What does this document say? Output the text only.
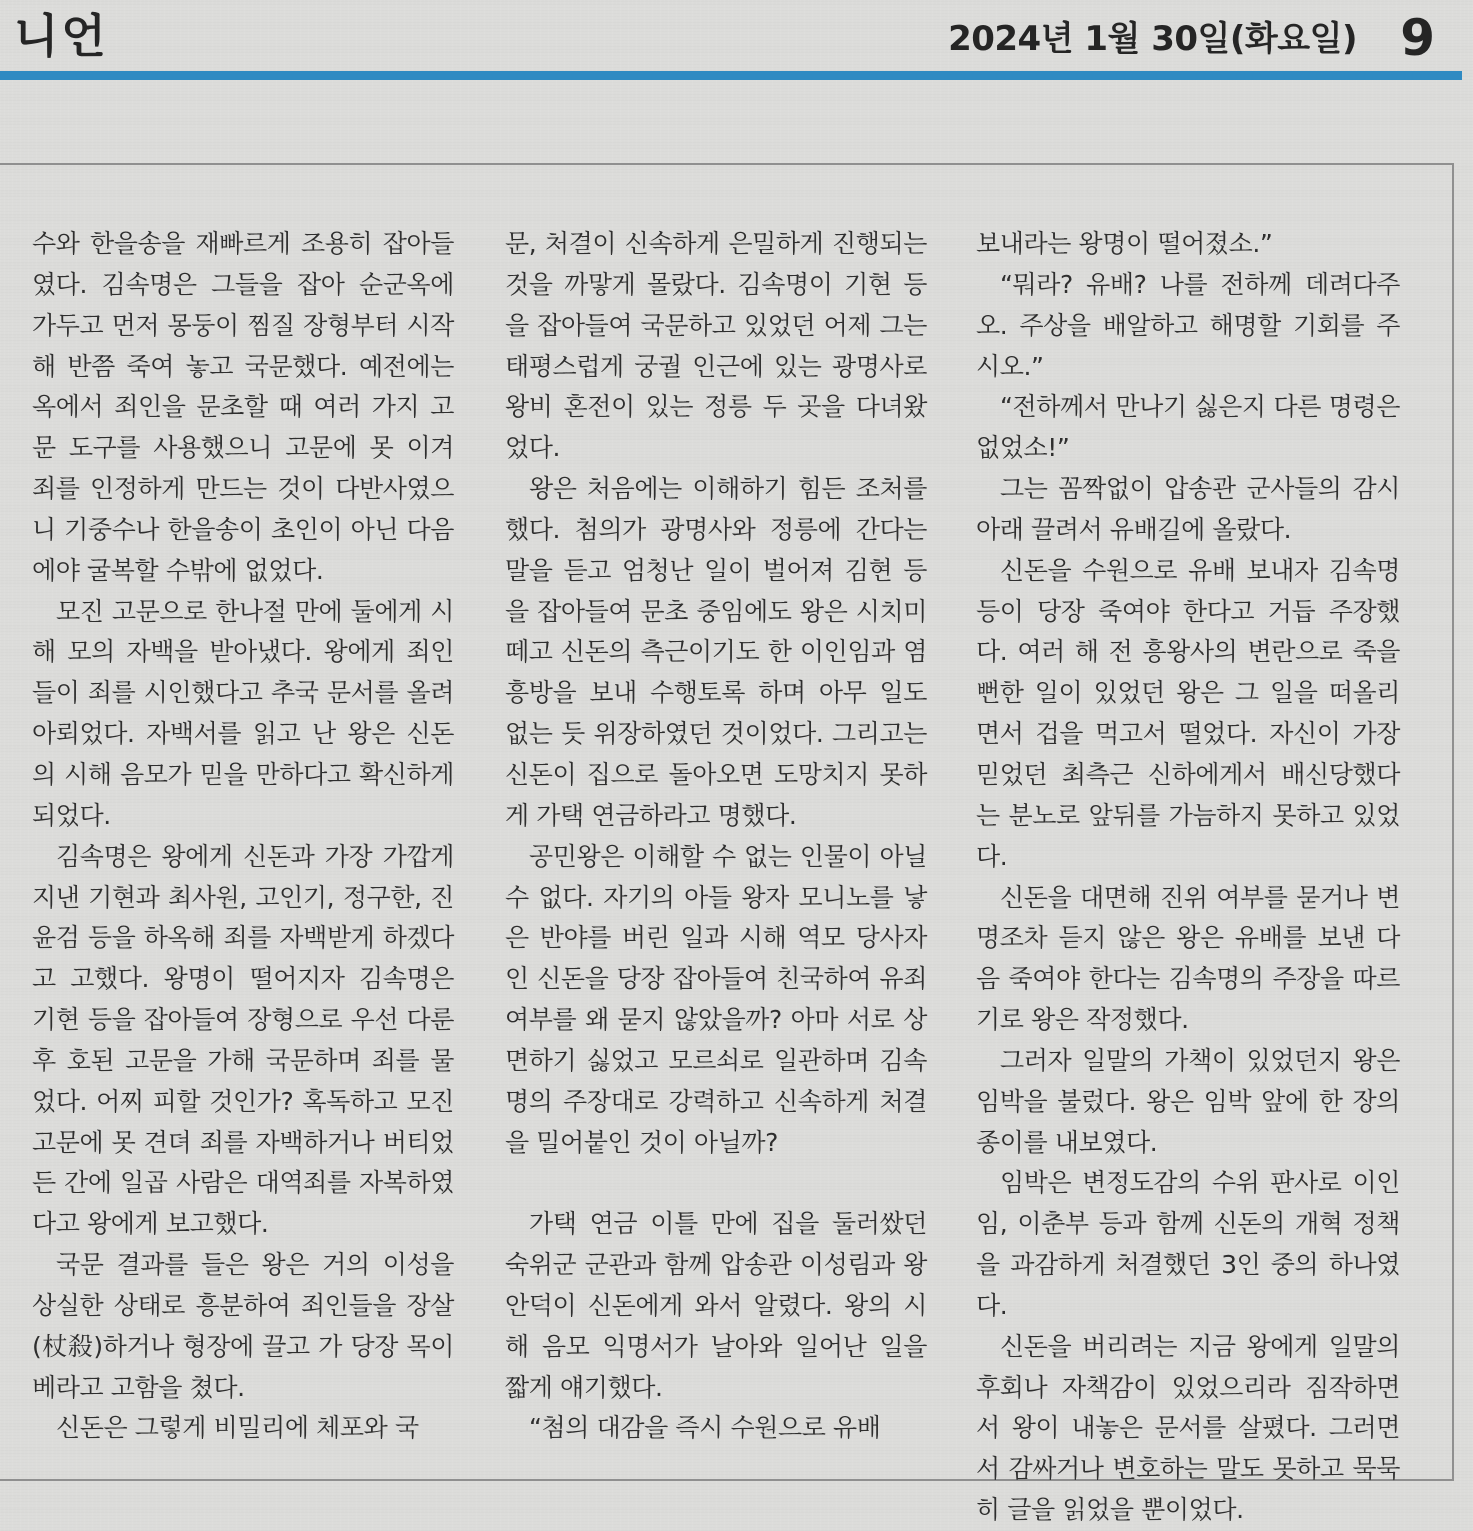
니언	2024년 1월 30일(화요일) 9

수와 한을송을 재빠르게 조용히 잡아들였다. 김속명은 그들을 잡아 순군옥에 가두고 먼저 몽둥이 찜질 장형부터 시작해 반쯤 죽여 놓고 국문했다. 예전에는 옥에서 죄인을 문초할 때 여러 가지 고문 도구를 사용했으니 고문에 못 이겨 죄를 인정하게 만드는 것이 다반사였으니 기중수나 한을송이 초인이 아닌 다음에야 굴복할 수밖에 없었다.

모진 고문으로 한나절 만에 둘에게 시해 모의 자백을 받아냈다. 왕에게 죄인들이 죄를 시인했다고 추국 문서를 올려 아뢰었다. 자백서를 읽고 난 왕은 신돈의 시해 음모가 믿을 만하다고 확신하게 되었다.

김속명은 왕에게 신돈과 가장 가깝게 지낸 기현과 최사원, 고인기, 정구한, 진윤검 등을 하옥해 죄를 자백받게 하겠다고 고했다. 왕명이 떨어지자 김속명은 기현 등을 잡아들여 장형으로 우선 다룬 후 호된 고문을 가해 국문하며 죄를 물었다. 어찌 피할 것인가? 혹독하고 모진 고문에 못 견뎌 죄를 자백하거나 버티었든 간에 일곱 사람은 대역죄를 자복하였다고 왕에게 보고했다.

국문 결과를 들은 왕은 거의 이성을 상실한 상태로 흥분하여 죄인들을 장살(杖殺)하거나 형장에 끌고 가 당장 목이 베라고 고함을 쳤다.

신돈은 그렇게 비밀리에 체포와 국

문, 처결이 신속하게 은밀하게 진행되는 것을 까맣게 몰랐다. 김속명이 기현 등을 잡아들여 국문하고 있었던 어제 그는 태평스럽게 궁궐 인근에 있는 광명사로 왕비 혼전이 있는 정릉 두 곳을 다녀왔었다.

왕은 처음에는 이해하기 힘든 조처를 했다. 첨의가 광명사와 정릉에 간다는 말을 듣고 엄청난 일이 벌어져 김현 등을 잡아들여 문초 중임에도 왕은 시치미떼고 신돈의 측근이기도 한 이인임과 염흥방을 보내 수행토록 하며 아무 일도 없는 듯 위장하였던 것이었다. 그리고는 신돈이 집으로 돌아오면 도망치지 못하게 가택 연금하라고 명했다.

공민왕은 이해할 수 없는 인물이 아닐 수 없다. 자기의 아들 왕자 모니노를 낳은 반야를 버린 일과 시해 역모 당사자인 신돈을 당장 잡아들여 친국하여 유죄 여부를 왜 묻지 않았을까? 아마 서로 상면하기 싫었고 모르쇠로 일관하며 김속명의 주장대로 강력하고 신속하게 처결을 밀어붙인 것이 아닐까?

가택 연금 이틀 만에 집을 둘러쌌던 숙위군 군관과 함께 압송관 이성림과 왕안덕이 신돈에게 와서 알렸다. 왕의 시해 음모 익명서가 날아와 일어난 일을 짧게 얘기했다.

“첨의 대감을 즉시 수원으로 유배

보내라는 왕명이 떨어졌소.”

“뭐라? 유배? 나를 전하께 데려다주오. 주상을 배알하고 해명할 기회를 주시오.”

“전하께서 만나기 싫은지 다른 명령은 없었소!”

그는 꼼짝없이 압송관 군사들의 감시 아래 끌려서 유배길에 올랐다.

신돈을 수원으로 유배 보내자 김속명 등이 당장 죽여야 한다고 거듭 주장했다. 여러 해 전 흥왕사의 변란으로 죽을뻔한 일이 있었던 왕은 그 일을 떠올리면서 겁을 먹고서 떨었다. 자신이 가장 믿었던 최측근 신하에게서 배신당했다는 분노로 앞뒤를 가늠하지 못하고 있었다.

신돈을 대면해 진위 여부를 묻거나 변명조차 듣지 않은 왕은 유배를 보낸 다음 죽여야 한다는 김속명의 주장을 따르기로 왕은 작정했다.

그러자 일말의 가책이 있었던지 왕은 임박을 불렀다. 왕은 임박 앞에 한 장의 종이를 내보였다.

임박은 변정도감의 수위 판사로 이인임, 이춘부 등과 함께 신돈의 개혁 정책을 과감하게 처결했던 3인 중의 하나였다.

신돈을 버리려는 지금 왕에게 일말의 후회나 자책감이 있었으리라 짐작하면서 왕이 내놓은 문서를 살폈다. 그러면서 감싸거나 변호하는 말도 못하고 묵묵히 글을 읽었을 뿐이었다.
